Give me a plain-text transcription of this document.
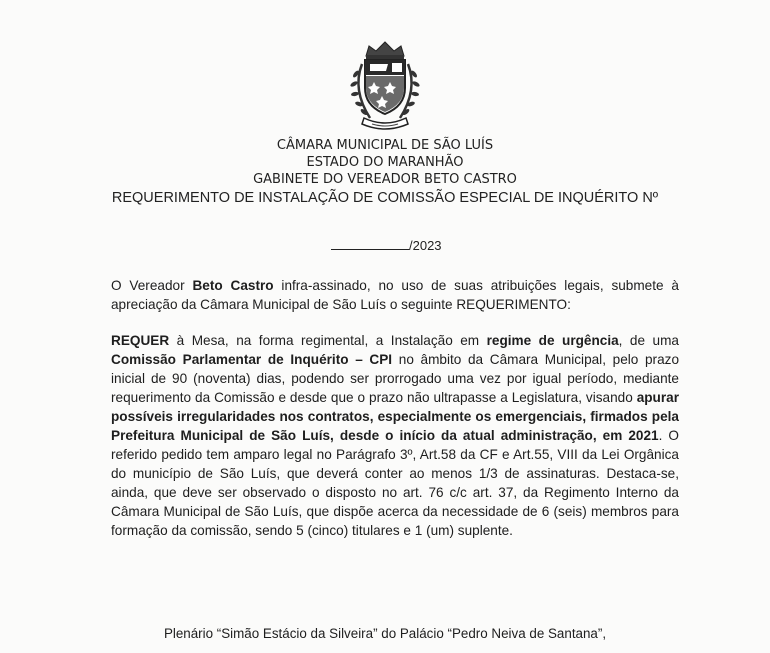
CÂMARA MUNICIPAL DE SÃO LUÍS
ESTADO DO MARANHÃO
GABINETE DO VEREADOR BETO CASTRO
REQUERIMENTO DE INSTALAÇÃO DE COMISSÃO ESPECIAL DE INQUÉRITO Nº
/2023
O Vereador Beto Castro infra-assinado, no uso de suas atribuições legais, submete à apreciação da Câmara Municipal de São Luís o seguinte REQUERIMENTO:
REQUER à Mesa, na forma regimental, a Instalação em regime de urgência, de uma Comissão Parlamentar de Inquérito – CPI no âmbito da Câmara Municipal, pelo prazo inicial de 90 (noventa) dias, podendo ser prorrogado uma vez por igual período, mediante requerimento da Comissão e desde que o prazo não ultrapasse a Legislatura, visando apurar possíveis irregularidades nos contratos, especialmente os emergenciais, firmados pela Prefeitura Municipal de São Luís, desde o início da atual administração, em 2021. O referido pedido tem amparo legal no Parágrafo 3º, Art.58 da CF e Art.55, VIII da Lei Orgânica do município de São Luís, que deverá conter ao menos 1/3 de assinaturas. Destaca-se, ainda, que deve ser observado o disposto no art. 76 c/c art. 37, da Regimento Interno da Câmara Municipal de São Luís, que dispõe acerca da necessidade de 6 (seis) membros para formação da comissão, sendo 5 (cinco) titulares e 1 (um) suplente.
Plenário “Simão Estácio da Silveira” do Palácio “Pedro Neiva de Santana”,
